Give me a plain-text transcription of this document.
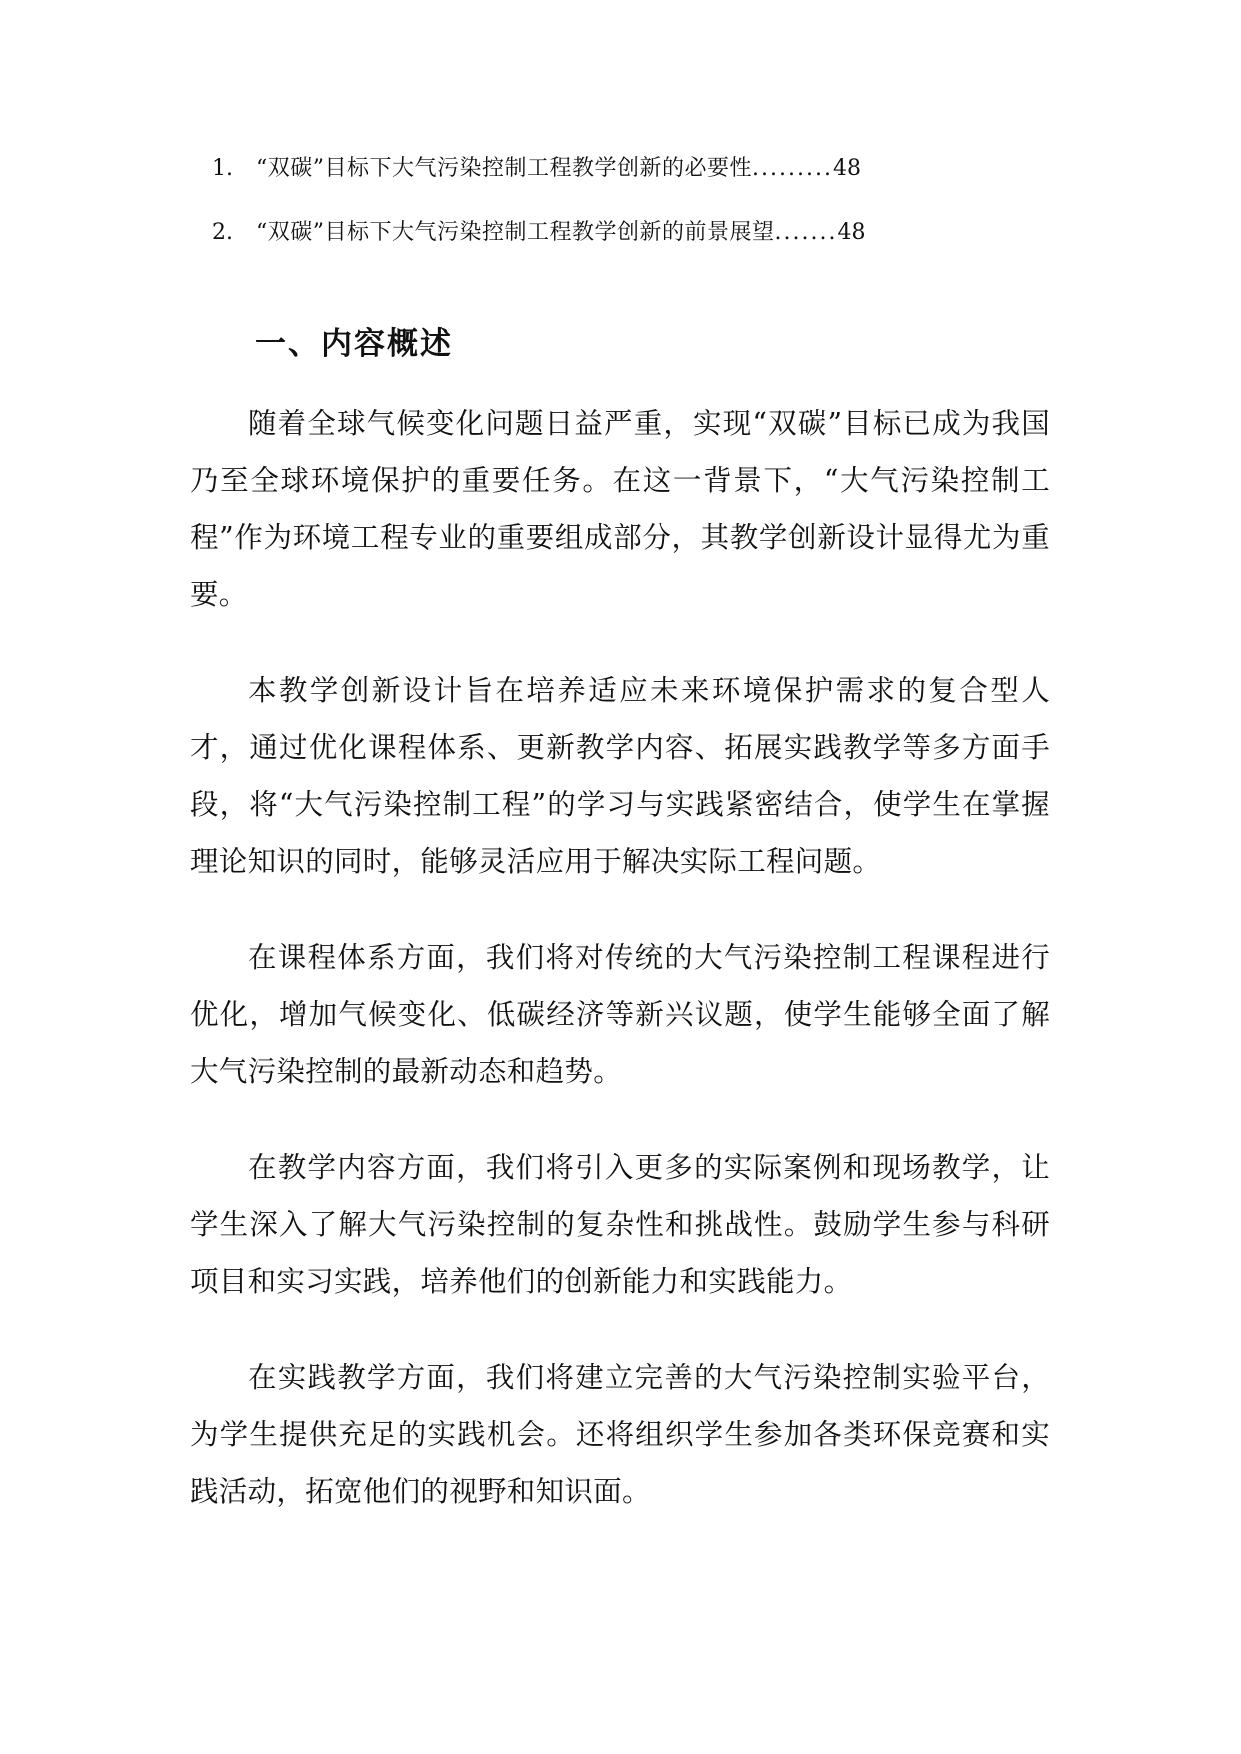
1. “双碳”目标下大气污染控制工程教学创新的必要性.........48
2. “双碳”目标下大气污染控制工程教学创新的前景展望.......48
一、内容概述

随着全球气候变化问题日益严重，实现“双碳”目标已成为我国乃至全球环境保护的重要任务。在这一背景下，“大气污染控制工程”作为环境工程专业的重要组成部分，其教学创新设计显得尤为重要。

本教学创新设计旨在培养适应未来环境保护需求的复合型人才，通过优化课程体系、更新教学内容、拓展实践教学等多方面手段，将“大气污染控制工程”的学习与实践紧密结合，使学生在掌握理论知识的同时，能够灵活应用于解决实际工程问题。

在课程体系方面，我们将对传统的大气污染控制工程课程进行优化，增加气候变化、低碳经济等新兴议题，使学生能够全面了解大气污染控制的最新动态和趋势。

在教学内容方面，我们将引入更多的实际案例和现场教学，让学生深入了解大气污染控制的复杂性和挑战性。鼓励学生参与科研项目和实习实践，培养他们的创新能力和实践能力。

在实践教学方面，我们将建立完善的大气污染控制实验平台，为学生提供充足的实践机会。还将组织学生参加各类环保竞赛和实践活动，拓宽他们的视野和知识面。
